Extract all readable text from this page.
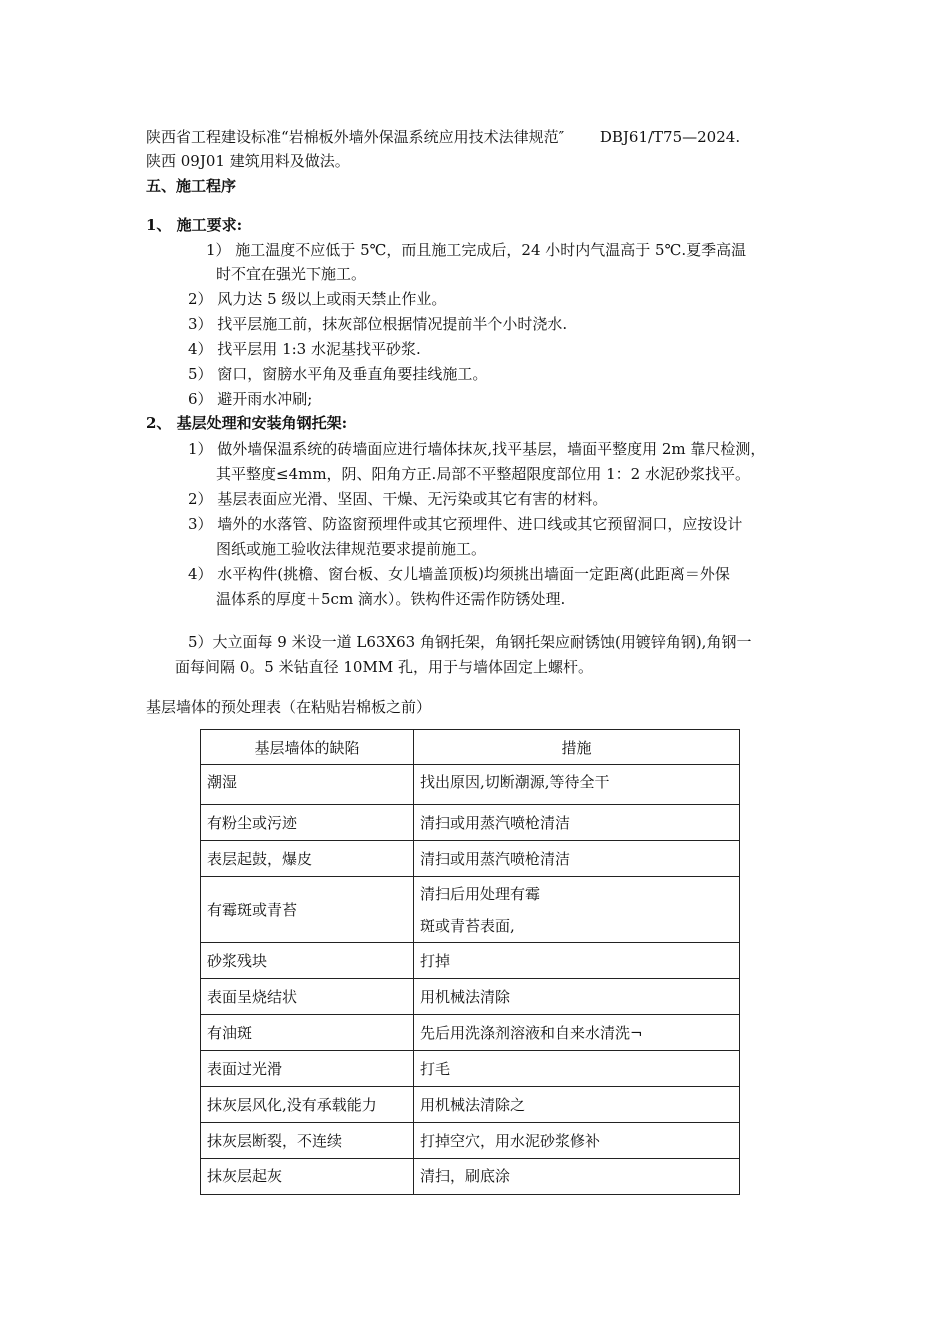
陕西省工程建设标准“岩棉板外墙外保温系统应用技术法律规范″ DBJ61/T75—2024.
陕西 09J01 建筑用料及做法。
五、施工程序
1、 施工要求:
1） 施工温度不应低于 5℃，而且施工完成后，24 小时内气温高于 5℃.夏季高温
时不宜在强光下施工。
2） 风力达 5 级以上或雨天禁止作业。
3） 找平层施工前，抹灰部位根据情况提前半个小时浇水.
4） 找平层用 1:3 水泥基找平砂浆.
5） 窗口，窗膀水平角及垂直角要挂线施工。
6） 避开雨水冲刷;
2、 基层处理和安装角钢托架:
1） 做外墙保温系统的砖墙面应进行墙体抹灰,找平基层，墙面平整度用 2m 靠尺检测，
其平整度≤4mm，阴、阳角方正.局部不平整超限度部位用 1：2 水泥砂浆找平。
2） 基层表面应光滑、坚固、干燥、无污染或其它有害的材料。
3） 墙外的水落管、防盗窗预埋件或其它预埋件、进口线或其它预留洞口，应按设计
图纸或施工验收法律规范要求提前施工。
4） 水平构件(挑檐、窗台板、女儿墙盖顶板)均须挑出墙面一定距离(此距离＝外保
温体系的厚度＋5cm 滴水）。铁构件还需作防锈处理.
5）大立面每 9 米设一道 L63X63 角钢托架，角钢托架应耐锈蚀(用镀锌角钢),角钢一
面每间隔 0。5 米钻直径 10MM 孔，用于与墙体固定上螺杆。
基层墙体的预处理表（在粘贴岩棉板之前）
基层墙体的缺陷	措施
潮湿	找出原因,切断潮源,等待全干
有粉尘或污迹	清扫或用蒸汽喷枪清洁
表层起鼓，爆皮	清扫或用蒸汽喷枪清洁
有霉斑或青苔	清扫后用处理有霉
斑或青苔表面,

砂浆残块	打掉
表面呈烧结状	用机械法清除
有油斑	先后用洗涤剂溶液和自来水清洗¬
表面过光滑	打毛
抹灰层风化,没有承载能力	用机械法清除之
抹灰层断裂，不连续	打掉空穴，用水泥砂浆修补
抹灰层起灰	清扫，刷底涂
